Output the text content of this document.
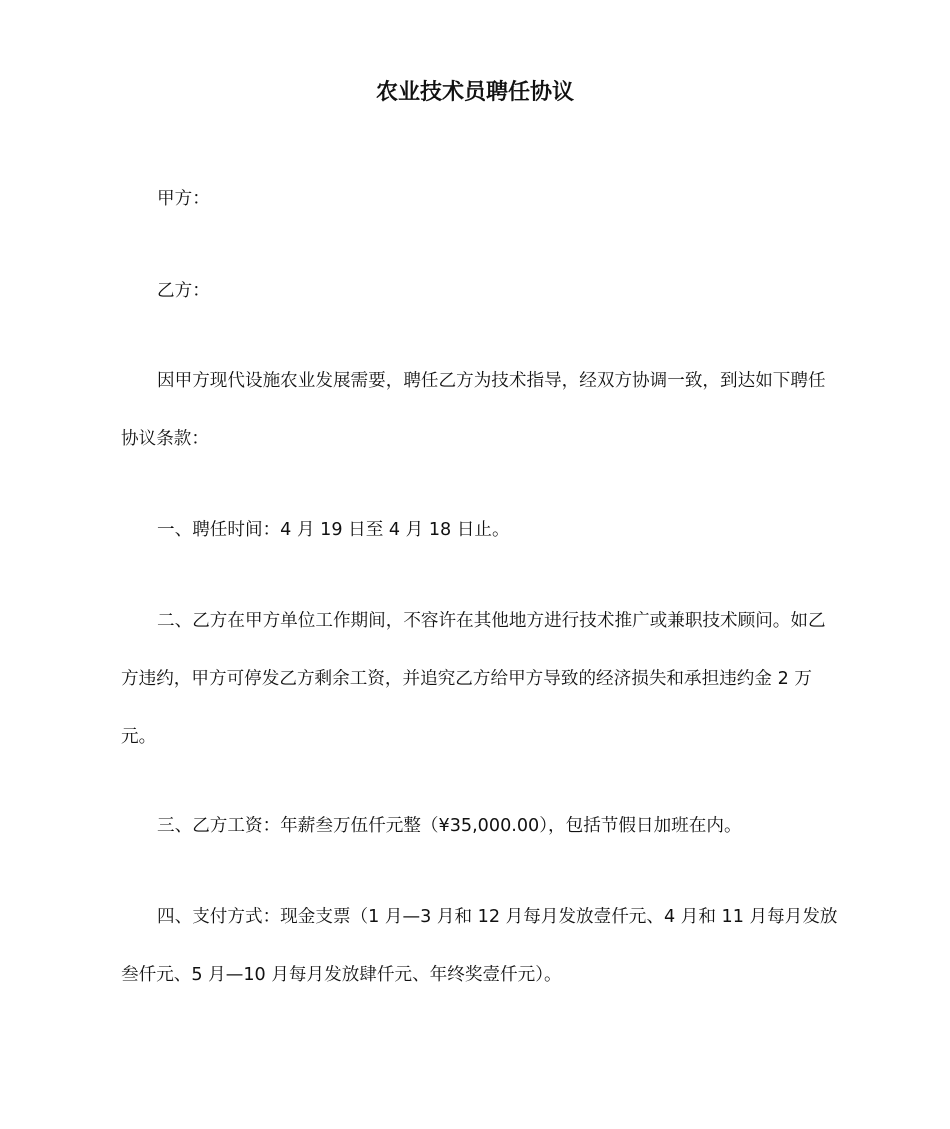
农业技术员聘任协议

甲方：

乙方：

因甲方现代设施农业发展需要，聘任乙方为技术指导，经双方协调一致，到达如下聘任协议条款：

一、聘任时间：4 月 19 日至 4 月 18 日止。

二、乙方在甲方单位工作期间，不容许在其他地方进行技术推广或兼职技术顾问。如乙方违约，甲方可停发乙方剩余工资，并追究乙方给甲方导致的经济损失和承担违约金 2 万元。

三、乙方工资：年薪叁万伍仟元整（¥35,000.00），包括节假日加班在内。

四、支付方式：现金支票（1 月—3 月和 12 月每月发放壹仟元、4 月和 11 月每月发放叁仟元、5 月—10 月每月发放肆仟元、年终奖壹仟元）。
